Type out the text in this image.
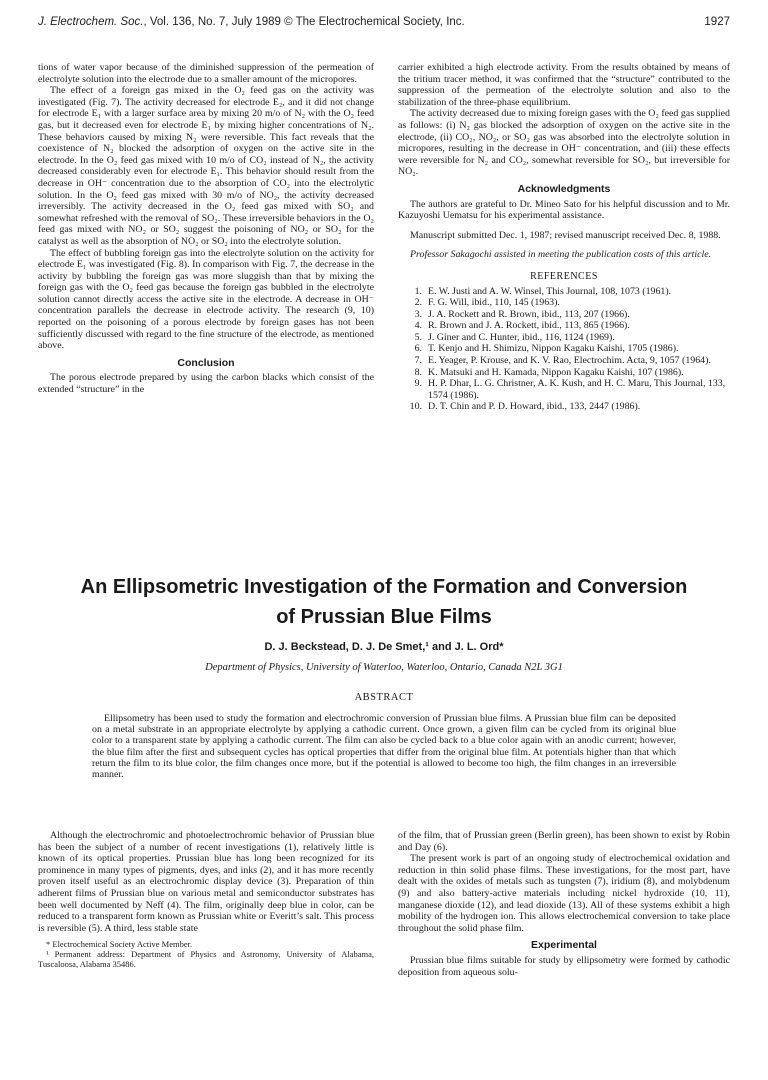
J. Electrochem. Soc., Vol. 136, No. 7, July 1989 © The Electrochemical Society, Inc.	1927

tions of water vapor because of the diminished suppression of the permeation of electrolyte solution into the electrode due to a smaller amount of the micropores.

The effect of a foreign gas mixed in the O₂ feed gas on the activity was investigated (Fig. 7). The activity decreased for electrode E₂, and it did not change for electrode E₁ with a larger surface area by mixing 20 m/o of N₂ with the O₂ feed gas, but it decreased even for electrode E₁ by mixing higher concentrations of N₂. These behaviors caused by mixing N₂ were reversible. This fact reveals that the coexistence of N₂ blocked the adsorption of oxygen on the active site in the electrode. In the O₂ feed gas mixed with 10 m/o of CO₂ instead of N₂, the activity decreased considerably even for electrode E₁. This behavior should result from the decrease in OH⁻ concentration due to the absorption of CO₂ into the electrolytic solution. In the O₂ feed gas mixed with 30 m/o of NO₂, the activity decreased irreversibly. The activity decreased in the O₂ feed gas mixed with SO₂ and somewhat refreshed with the removal of SO₂. These irreversible behaviors in the O₂ feed gas mixed with NO₂ or SO₂ suggest the poisoning of NO₂ or SO₂ for the catalyst as well as the absorption of NO₂ or SO₂ into the electrolyte solution.

The effect of bubbling foreign gas into the electrolyte solution on the activity for electrode E₁ was investigated (Fig. 8). In comparison with Fig. 7, the decrease in the activity by bubbling the foreign gas was more sluggish than that by mixing the foreign gas with the O₂ feed gas because the foreign gas bubbled in the electrolyte solution cannot directly access the active site in the electrode. A decrease in OH⁻ concentration parallels the decrease in electrode activity. The research (9, 10) reported on the poisoning of a porous electrode by foreign gases has not been sufficiently discussed with regard to the fine structure of the electrode, as mentioned above.

Conclusion

The porous electrode prepared by using the carbon blacks which consist of the extended “structure” in the

carrier exhibited a high electrode activity. From the results obtained by means of the tritium tracer method, it was confirmed that the “structure” contributed to the suppression of the permeation of the electrolyte solution and also to the stabilization of the three-phase equilibrium.

The activity decreased due to mixing foreign gases with the O₂ feed gas supplied as follows: (i) N₂ gas blocked the adsorption of oxygen on the active site in the electrode, (ii) CO₂, NO₂, or SO₂ gas was absorbed into the electrolyte solution in micropores, resulting in the decrease in OH⁻ concentration, and (iii) these effects were reversible for N₂ and CO₂, somewhat reversible for SO₂, but irreversible for NO₂.

Acknowledgments

The authors are grateful to Dr. Mineo Sato for his helpful discussion and to Mr. Kazuyoshi Uematsu for his experimental assistance.

Manuscript submitted Dec. 1, 1987; revised manuscript received Dec. 8, 1988.

Professor Sakagochi assisted in meeting the publication costs of this article.

REFERENCES
1. E. W. Justi and A. W. Winsel, This Journal, 108, 1073 (1961).
2. F. G. Will, ibid., 110, 145 (1963).
3. J. A. Rockett and R. Brown, ibid., 113, 207 (1966).
4. R. Brown and J. A. Rockett, ibid., 113, 865 (1966).
5. J. Giner and C. Hunter, ibid., 116, 1124 (1969).
6. T. Kenjo and H. Shimizu, Nippon Kagaku Kaishi, 1705 (1986).
7. E. Yeager, P. Krouse, and K. V. Rao, Electrochim. Acta, 9, 1057 (1964).
8. K. Matsuki and H. Kamada, Nippon Kagaku Kaishi, 107 (1986).
9. H. P. Dhar, L. G. Christner, A. K. Kush, and H. C. Maru, This Journal, 133, 1574 (1986).
10. D. T. Chin and P. D. Howard, ibid., 133, 2447 (1986).
An Ellipsometric Investigation of the Formation and Conversion
of Prussian Blue Films
D. J. Beckstead, D. J. De Smet,¹ and J. L. Ord*
Department of Physics, University of Waterloo, Waterloo, Ontario, Canada N2L 3G1
ABSTRACT
Ellipsometry has been used to study the formation and electrochromic conversion of Prussian blue films. A Prussian blue film can be deposited on a metal substrate in an appropriate electrolyte by applying a cathodic current. Once grown, a given film can be cycled from its original blue color to a transparent state by applying a cathodic current. The film can also be cycled back to a blue color again with an anodic current; however, the blue film after the first and subsequent cycles has optical properties that differ from the original blue film. At potentials higher than that which return the film to its blue color, the film changes once more, but if the potential is allowed to become too high, the film changes in an irreversible manner.

Although the electrochromic and photoelectrochromic behavior of Prussian blue has been the subject of a number of recent investigations (1), relatively little is known of its optical properties. Prussian blue has long been recognized for its prominence in many types of pigments, dyes, and inks (2), and it has more recently proven itself useful as an electrochromic display device (3). Preparation of thin adherent films of Prussian blue on various metal and semiconductor substrates has been well documented by Neff (4). The film, originally deep blue in color, can be reduced to a transparent form known as Prussian white or Everitt’s salt. This process is reversible (5). A third, less stable state

* Electrochemical Society Active Member.
¹ Permanent address: Department of Physics and Astronomy, University of Alabama, Tuscaloosa, Alabama 35486.

of the film, that of Prussian green (Berlin green), has been shown to exist by Robin and Day (6).

The present work is part of an ongoing study of electrochemical oxidation and reduction in thin solid phase films. These investigations, for the most part, have dealt with the oxides of metals such as tungsten (7), iridium (8), and molybdenum (9) and also battery-active materials including nickel hydroxide (10, 11), manganese dioxide (12), and lead dioxide (13). All of these systems exhibit a high mobility of the hydrogen ion. This allows electrochemical conversion to take place throughout the solid phase film.

Experimental

Prussian blue films suitable for study by ellipsometry were formed by cathodic deposition from aqueous solu-
